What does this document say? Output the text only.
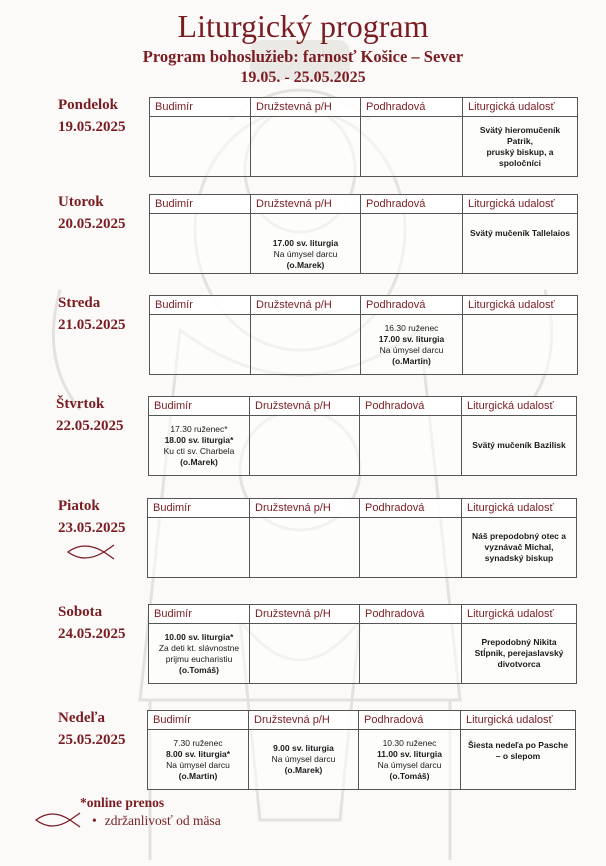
Liturgický program
Program bohoslužieb: farnosť Košice – Sever
19.05. - 25.05.2025
Pondelok
19.05.2025
Budimír	Družstevná p/H	Podhradová	Liturgická udalosť

			Svätý hieromučeník Patrik,
pruský biskup, a spoločníci
Utorok
20.05.2025
Budimír	Družstevná p/H	Podhradová	Liturgická udalosť

	17.00 sv. liturgia
Na úmysel darcu
(o.Marek)		Svätý mučeník Tallelaios
Streda
21.05.2025
Budimír	Družstevná p/H	Podhradová	Liturgická udalosť

		16.30 ruženec
17.00 sv. liturgia
Na úmysel darcu
(o.Martin)	

Štvrtok
22.05.2025
Budimír	Družstevná p/H	Podhradová	Liturgická udalosť

17.30 ruženec*
18.00 sv. liturgia*
Ku cti sv. Charbela
(o.Marek)			Svätý mučeník Bazilisk
Piatok
23.05.2025
Budimír	Družstevná p/H	Podhradová	Liturgická udalosť

			Náš prepodobný otec a
vyznávač Michal,
synadský biskup
Sobota
24.05.2025
Budimír	Družstevná p/H	Podhradová	Liturgická udalosť

10.00 sv. liturgia*
Za deti kt. slávnostne
prijmu eucharistiu
(o.Tomáš)			Prepodobný Nikita
Stĺpnik, perejaslavský
divotvorca
Nedeľa
25.05.2025
Budimír	Družstevná p/H	Podhradová	Liturgická udalosť

7.30 ruženec
8.00 sv. liturgia*
Na úmysel darcu
(o.Martin)	9.00 sv. liturgia
Na úmysel darcu
(o.Marek)	10.30 ruženec
11.00 sv. liturgia
Na úmysel darcu
(o.Tomáš)	Šiesta nedeľa po Pasche
– o slepom
*online prenos
• zdržanlivosť od mäsa
